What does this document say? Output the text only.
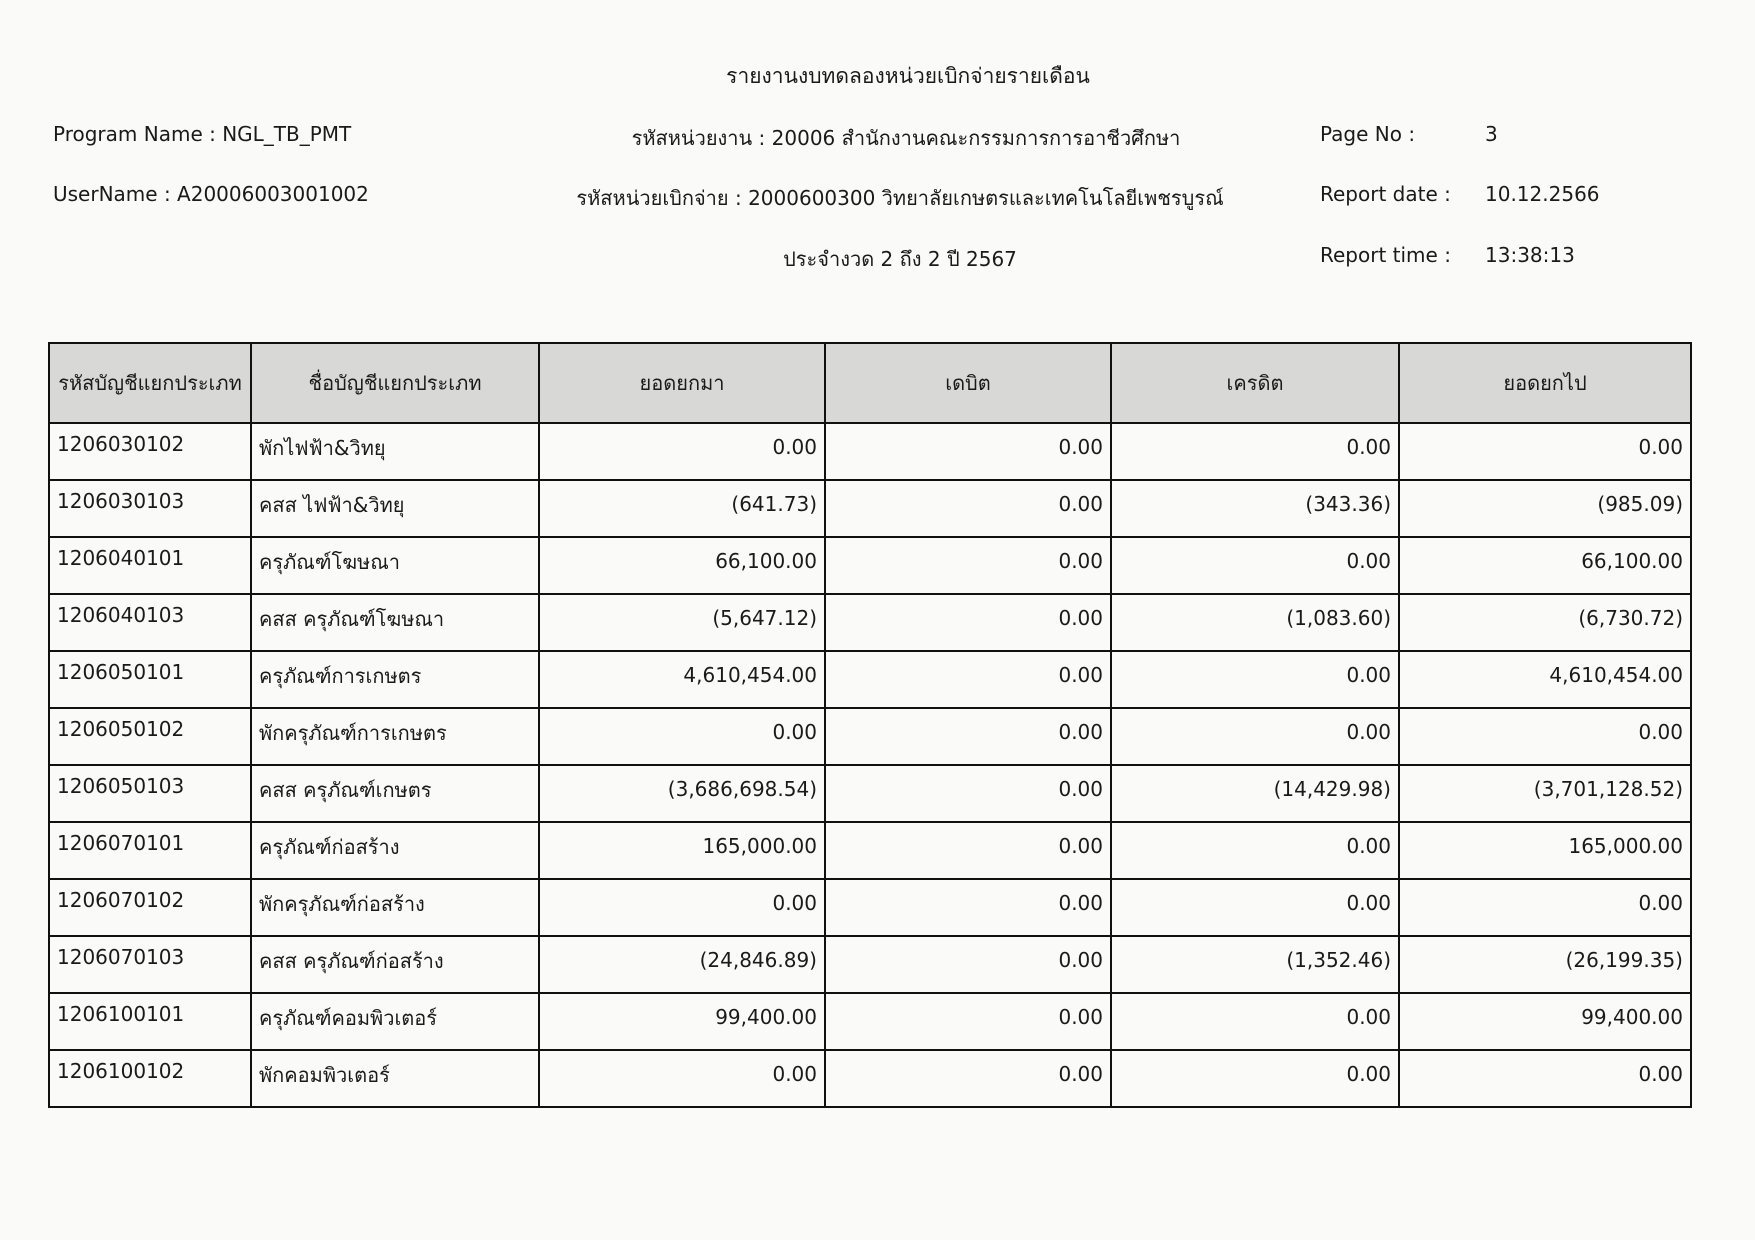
รายงานงบทดลองหน่วยเบิกจ่ายรายเดือน
Program Name : NGL_TB_PMT	รหัสหน่วยงาน : 20006 สำนักงานคณะกรรมการการอาชีวศึกษา	Page No :	3
UserName : A20006003001002	รหัสหน่วยเบิกจ่าย : 2000600300 วิทยาลัยเกษตรและเทคโนโลยีเพชรบูรณ์	Report date : 10.12.2566
ประจำงวด 2 ถึง 2 ปี 2567	Report time : 13:38:13
รหัสบัญชีแยกประเภท	ชื่อบัญชีแยกประเภท	ยอดยกมา	เดบิต	เครดิต	ยอดยกไป
1206030102	พักไฟฟ้า&วิทยุ	0.00	0.00	0.00	0.00
1206030103	คสส ไฟฟ้า&วิทยุ	(641.73)	0.00	(343.36)	(985.09)
1206040101	ครุภัณฑ์โฆษณา	66,100.00	0.00	0.00	66,100.00
1206040103	คสส ครุภัณฑ์โฆษณา	(5,647.12)	0.00	(1,083.60)	(6,730.72)
1206050101	ครุภัณฑ์การเกษตร	4,610,454.00	0.00	0.00	4,610,454.00
1206050102	พักครุภัณฑ์การเกษตร	0.00	0.00	0.00	0.00
1206050103	คสส ครุภัณฑ์เกษตร	(3,686,698.54)	0.00	(14,429.98)	(3,701,128.52)
1206070101	ครุภัณฑ์ก่อสร้าง	165,000.00	0.00	0.00	165,000.00
1206070102	พักครุภัณฑ์ก่อสร้าง	0.00	0.00	0.00	0.00
1206070103	คสส ครุภัณฑ์ก่อสร้าง	(24,846.89)	0.00	(1,352.46)	(26,199.35)
1206100101	ครุภัณฑ์คอมพิวเตอร์	99,400.00	0.00	0.00	99,400.00
1206100102	พักคอมพิวเตอร์	0.00	0.00	0.00	0.00
